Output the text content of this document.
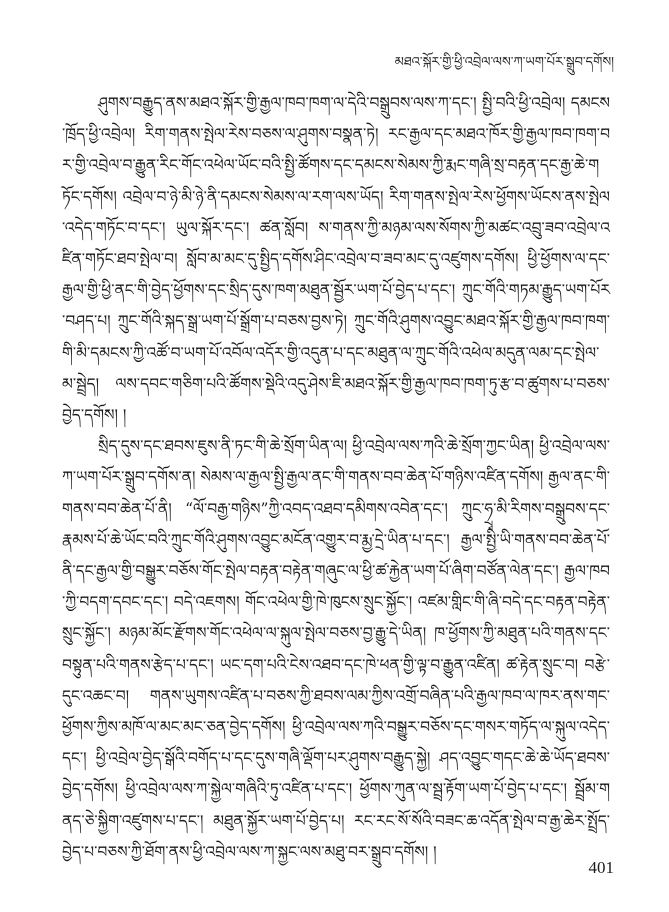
མཐའ་སྐོར་གྱི་ཕྱི་འབྲེལ་ལས་ཀ་ཡག་པོར་སྒྲུབ་དགོས།

ཤུགས་བརྒྱུད་ནས་མཐའ་སྐོར་གྱི་རྒྱལ་ཁབ་ཁག་ལ་དེའི་བསྒྲུབས་ལས་ཀ་དང་། སྤྱི་བའི་ཕྱི་འབྲེལ། དམངས་ཁྲོད་ཕྱི་འབྲེལ། རིག་གནས་སྤེལ་རེས་བཅས་ལ་ཤུགས་བསྣན་ཏེ། རང་རྒྱལ་དང་མཐའ་ཁོར་གྱི་རྒྱལ་ཁབ་ཁག་བར་གྱི་འབྲེལ་བ་རྒྱུན་རིང་གོང་འཕེལ་ཡོང་བའི་སྤྱི་ཚོགས་དང་དམངས་སེམས་ཀྱི་རྨང་གཞི་སྲ་བརྟན་དང་རྒྱ་ཆེ་གཏོང་དགོས། འབྲེལ་བ་ཉེ་མི་ཉེ་ནི་དམངས་སེམས་ལ་རག་ལས་ཡོད། རིག་གནས་སྤེལ་རེས་ཕྱོགས་ཡོངས་ནས་སྤེལ་འདེད་གཏོང་བ་དང་། ཡུལ་སྐོར་དང་། ཚན་སློབ། ས་གནས་ཀྱི་མཉམ་ལས་སོགས་ཀྱི་མཚང་འབྲུ་ཟབ་འབྲེལ་འཛིན་གཏོང་ཐབ་སྤེལ་བ། སློབ་མ་མང་དུ་སྤྱིད་དགོས་ཤིང་འབྲེལ་བ་ཟབ་མང་དུ་འཛུགས་དགོས། ཕྱི་ཕྱོགས་ལ་དང་རྒྱལ་གྱི་ཕྱི་ནང་གི་བྱེད་ཕྱོགས་དང་སྲིད་དུས་ཁག་མཐུན་སྦྱོར་ཡག་པོ་བྱེད་པ་དང་། ཀྲུང་གོའི་གཏམ་རྒྱུད་ཡག་པོར་བཤད་པ། ཀྲུང་གོའི་སྐད་སྒྲ་ཡག་པོ་སྒྲོག་པ་བཅས་བྱས་ཏེ། ཀྲུང་གོའི་ཤུགས་འབྱུང་མཐའ་སྐོར་གྱི་རྒྱལ་ཁབ་ཁག་གི་མི་དམངས་ཀྱི་འཚོ་བ་ཡག་པོ་འབོལ་འདོར་གྱི་འདུན་པ་དང་མཐུན་ལ་ཀྲུང་གོའི་འཕེལ་མདུན་ལམ་དང་སྤེལ་མ་སྦྲེད། ལས་དབང་གཅིག་པའི་ཚོགས་སྡེའི་འདུ་ཤེས་ཇི་མཐའ་སྐོར་གྱི་རྒྱལ་ཁབ་ཁག་ཏུ་རྩ་བ་ཚུགས་པ་བཅས་བྱེད་དགོས། །

སྲིད་དུས་དང་ཐབས་ཇུས་ནི་ཏང་གི་ཆེ་སྲོག་ཡིན་ལ། ཕྱི་འབྲེལ་ལས་ཀའི་ཆེ་སྲོག་ཀྱང་ཡིན། ཕྱི་འབྲེལ་ལས་ཀ་ཡག་པོར་སྒྲུབ་དགོས་ན། སེམས་ལ་རྒྱལ་སྤྱི་རྒྱལ་ནང་གི་གནས་བབ་ཆེན་པོ་གཉིས་འཛིན་དགོས། རྒྱལ་ནང་གི་གནས་བབ་ཆེན་པོ་ནི། “ལོ་བརྒྱ་གཉིས”ཀྱི་འབད་འཐབ་དམིགས་འབེན་དང་། ཀྲུང་ཧྲྭ་མི་རིགས་བསྒྲུབས་དང་རྣམས་པོ་ཆེ་ཡོང་བའི་ཀྲུང་གོའི་ཤུགས་འབྱུང་མངོན་འགྱུར་བ་རྨྱ་དྲེ་ཡིན་པ་དང་། རྒྱལ་སྤྱི་ཡི་གནས་བབ་ཆེན་པོ་ནི་དང་རྒྱལ་གྱི་བསྒྱུར་བཅོས་གོང་སྤེལ་བརྟན་བརྟེན་གཞུང་ལ་ཕྱི་ཚ་རྐྱེན་ཡག་པོ་ཞིག་བཙོན་ལེན་དང་། རྒྱལ་ཁབ་ཀྱི་བདག་དབང་དང་། བདེ་འཇགས། གོང་འཕེལ་གྱི་ཁེ་ཁུངས་སྲུང་སྐྱོང་། འཛམ་གླིང་གི་ཞི་བདེ་དང་བརྟན་བརྟེན་སྲུང་སྐྱོང་། མཉམ་མོང་རྫོགས་གོང་འཕེལ་ལ་སྐུལ་སྤེལ་བཅས་བྱ་རྒྱུ་དེ་ཡིན། ཁ་ཕྱོགས་ཀྱི་མཐུན་པའི་གནས་དང་བསྟུན་པའི་གནས་རྩེད་པ་དང་། ཡང་དག་པའི་ངེས་འཐབ་དང་ཁེ་ཕན་གྱི་ལྟ་བ་རྒྱུན་འཛིན། ཚ་རྟེན་སྲུང་བ། བརྩེ་དུང་འཆང་བ། གནས་ཡུགས་འཛིན་པ་བཅས་ཀྱི་ཐབས་ལམ་ཀྱིས་འགྲོ་བཞིན་པའི་རྒྱལ་ཁབ་ལ་ཁར་ནས་གང་ཕྱོགས་ཀྱིས་མཁོ་ལ་མང་མང་ཅན་བྱེད་དགོས། ཕྱི་འབྲེལ་ལས་ཀའི་བསྒྱུར་བཅོས་དང་གསར་གཏོད་ལ་སྐུལ་འདེད་དང་། ཕྱི་འབྲེལ་བྱེད་སྒོའི་བགོད་པ་དང་དུས་གཞི་ལྡོག་པར་ཤུགས་བརྒྱུད་སྐྱེ། ཤད་འབྱུང་གདང་ཆེ་ཆེ་ཡོད་ཐབས་བྱེད་དགོས། ཕྱི་འབྲེལ་ལས་ཀ་སྐྱེལ་གཞིའི་ཏུ་འཛིན་པ་དང་། ཕྱོགས་ཀུན་ལ་སྦྲ་རྟོག་ཡག་པོ་བྱེད་པ་དང་། སྦྲོམ་གནད་ཅེ་སྐྱིག་འཛུགས་པ་དང་། མཐུན་སྐྱོར་ཡག་པོ་བྱེད་པ། རང་རང་སོ་སོའི་བཟང་ཆ་འདོན་སྤེལ་བ་རྒྱ་ཆེར་སྤྲོད་བྱེད་པ་བཅས་ཀྱི་ཐོག་ནས་ཕྱི་འབྲེལ་ལས་ཀ་སྐྱང་ལས་མཐུ་བར་སྒྲུབ་དགོས། །

401
